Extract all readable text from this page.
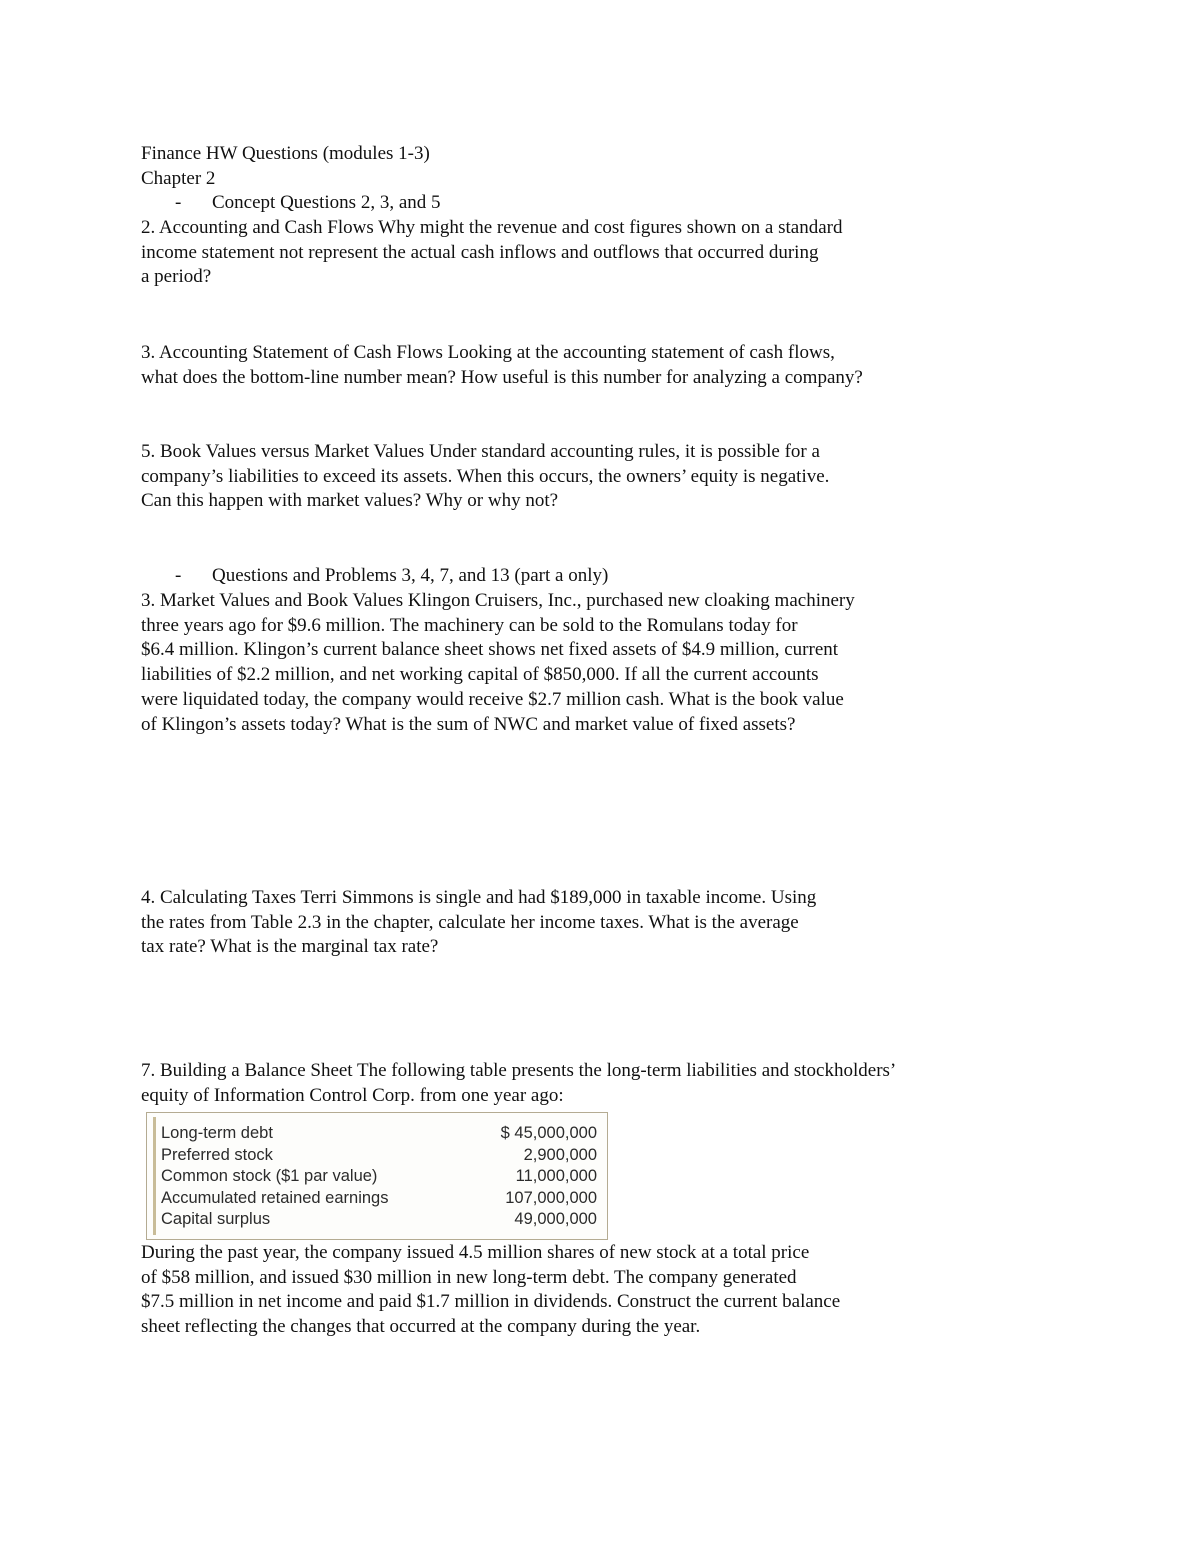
Finance HW Questions (modules 1-3)
Chapter 2
- Concept Questions 2, 3, and 5
2. Accounting and Cash Flows Why might the revenue and cost figures shown on a standard
income statement not represent the actual cash inflows and outflows that occurred during
a period?
3. Accounting Statement of Cash Flows Looking at the accounting statement of cash flows,
what does the bottom-line number mean? How useful is this number for analyzing a company?
5. Book Values versus Market Values Under standard accounting rules, it is possible for a
company’s liabilities to exceed its assets. When this occurs, the owners’ equity is negative.
Can this happen with market values? Why or why not?
- Questions and Problems 3, 4, 7, and 13 (part a only)
3. Market Values and Book Values Klingon Cruisers, Inc., purchased new cloaking machinery
three years ago for $9.6 million. The machinery can be sold to the Romulans today for
$6.4 million. Klingon’s current balance sheet shows net fixed assets of $4.9 million, current
liabilities of $2.2 million, and net working capital of $850,000. If all the current accounts
were liquidated today, the company would receive $2.7 million cash. What is the book value
of Klingon’s assets today? What is the sum of NWC and market value of fixed assets?
4. Calculating Taxes Terri Simmons is single and had $189,000 in taxable income. Using
the rates from Table 2.3 in the chapter, calculate her income taxes. What is the average
tax rate? What is the marginal tax rate?
7. Building a Balance Sheet The following table presents the long-term liabilities and stockholders’
equity of Information Control Corp. from one year ago:
Long-term debt	$ 45,000,000
Preferred stock	2,900,000
Common stock ($1 par value)	11,000,000
Accumulated retained earnings	107,000,000
Capital surplus	49,000,000
During the past year, the company issued 4.5 million shares of new stock at a total price
of $58 million, and issued $30 million in new long-term debt. The company generated
$7.5 million in net income and paid $1.7 million in dividends. Construct the current balance
sheet reflecting the changes that occurred at the company during the year.
